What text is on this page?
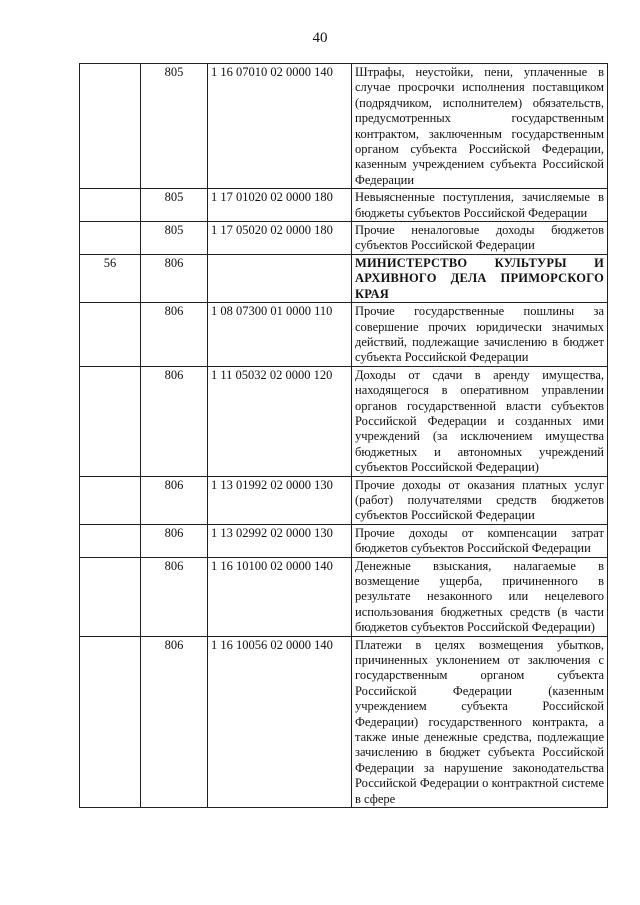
40
	805	1 16 07010 02 0000 140	Штрафы, неустойки, пени, уплаченные в случае просрочки исполнения поставщиком (подрядчиком, исполнителем) обязательств, предусмотренных государственным контрактом, заключенным государственным органом субъекта Российской Федерации, казенным учреждением субъекта Российской Федерации
	805	1 17 01020 02 0000 180	Невыясненные поступления, зачисляемые в бюджеты субъектов Российской Федерации
	805	1 17 05020 02 0000 180	Прочие неналоговые доходы бюджетов субъектов Российской Федерации
56	806		МИНИСТЕРСТВО КУЛЬТУРЫ И АРХИВНОГО ДЕЛА ПРИМОРСКОГО КРАЯ
	806	1 08 07300 01 0000 110	Прочие государственные пошлины за совершение прочих юридически значимых действий, подлежащие зачислению в бюджет субъекта Российской Федерации
	806	1 11 05032 02 0000 120	Доходы от сдачи в аренду имущества, находящегося в оперативном управлении органов государственной власти субъектов Российской Федерации и созданных ими учреждений (за исключением имущества бюджетных и автономных учреждений субъектов Российской Федерации)
	806	1 13 01992 02 0000 130	Прочие доходы от оказания платных услуг (работ) получателями средств бюджетов субъектов Российской Федерации
	806	1 13 02992 02 0000 130	Прочие доходы от компенсации затрат бюджетов субъектов Российской Федерации
	806	1 16 10100 02 0000 140	Денежные взыскания, налагаемые в возмещение ущерба, причиненного в результате незаконного или нецелевого использования бюджетных средств (в части бюджетов субъектов Российской Федерации)
	806	1 16 10056 02 0000 140	Платежи в целях возмещения убытков, причиненных уклонением от заключения с государственным органом субъекта Российской Федерации (казенным учреждением субъекта Российской Федерации) государственного контракта, а также иные денежные средства, подлежащие зачислению в бюджет субъекта Российской Федерации за нарушение законодательства Российской Федерации о контрактной системе в сфере
